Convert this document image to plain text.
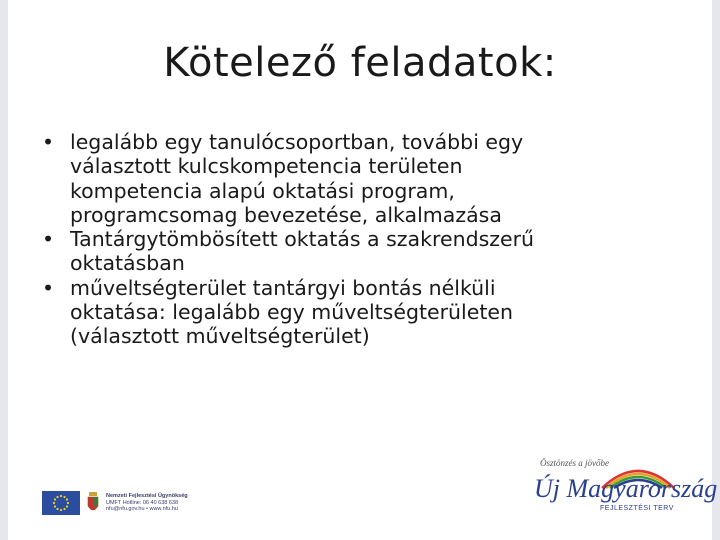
Kötelező feladatok:
• legalább egy tanulócsoportban, további egy
választott kulcskompetencia területen
kompetencia alapú oktatási program,
programcsomag bevezetése, alkalmazása
• Tantárgytömbösített oktatás a szakrendszerű
oktatásban
• műveltségterület tantárgyi bontás nélküli
oktatása: legalább egy műveltségterületen
(választott műveltségterület)
Nemzeti Fejlesztési Ügynökség
UMFT Hotline: 06 40 638 638
nfu@nfu.gov.hu • www.nfu.hu
Ösztönzés a jövőbe
Új Magyarország
FEJLESZTÉSI TERV
